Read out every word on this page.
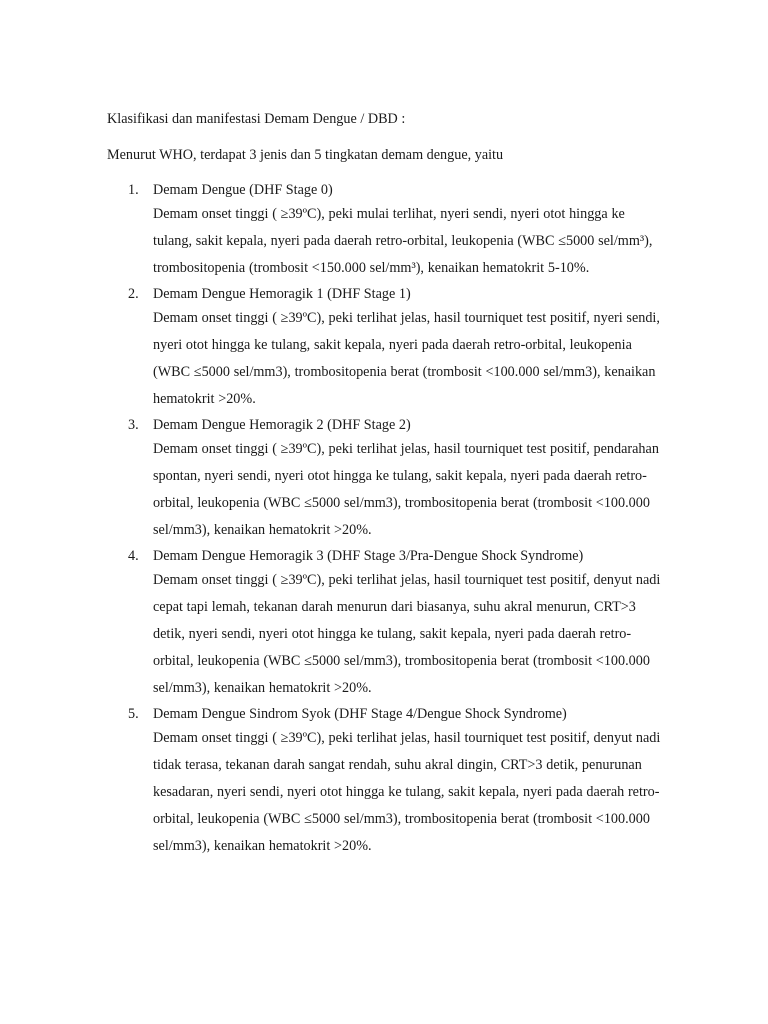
Klasifikasi dan manifestasi Demam Dengue / DBD :
Menurut WHO, terdapat 3 jenis dan 5 tingkatan demam dengue, yaitu
1. Demam Dengue (DHF Stage 0)
Demam onset tinggi ( ≥39ºC), peki mulai terlihat, nyeri sendi, nyeri otot hingga ke tulang, sakit kepala, nyeri pada daerah retro-orbital, leukopenia (WBC ≤5000 sel/mm³), trombositopenia (trombosit <150.000 sel/mm³), kenaikan hematokrit 5-10%.
2. Demam Dengue Hemoragik 1 (DHF Stage 1)
Demam onset tinggi ( ≥39ºC), peki terlihat jelas, hasil tourniquet test positif, nyeri sendi, nyeri otot hingga ke tulang, sakit kepala, nyeri pada daerah retro-orbital, leukopenia (WBC ≤5000 sel/mm3), trombositopenia berat (trombosit <100.000 sel/mm3), kenaikan hematokrit >20%.
3. Demam Dengue Hemoragik 2 (DHF Stage 2)
Demam onset tinggi ( ≥39ºC), peki terlihat jelas, hasil tourniquet test positif, pendarahan spontan, nyeri sendi, nyeri otot hingga ke tulang, sakit kepala, nyeri pada daerah retro-orbital, leukopenia (WBC ≤5000 sel/mm3), trombositopenia berat (trombosit <100.000 sel/mm3), kenaikan hematokrit >20%.
4. Demam Dengue Hemoragik 3 (DHF Stage 3/Pra-Dengue Shock Syndrome)
Demam onset tinggi ( ≥39ºC), peki terlihat jelas, hasil tourniquet test positif, denyut nadi cepat tapi lemah, tekanan darah menurun dari biasanya, suhu akral menurun, CRT>3 detik, nyeri sendi, nyeri otot hingga ke tulang, sakit kepala, nyeri pada daerah retro-orbital, leukopenia (WBC ≤5000 sel/mm3), trombositopenia berat (trombosit <100.000 sel/mm3), kenaikan hematokrit >20%.
5. Demam Dengue Sindrom Syok (DHF Stage 4/Dengue Shock Syndrome)
Demam onset tinggi ( ≥39ºC), peki terlihat jelas, hasil tourniquet test positif, denyut nadi tidak terasa, tekanan darah sangat rendah, suhu akral dingin, CRT>3 detik, penurunan kesadaran, nyeri sendi, nyeri otot hingga ke tulang, sakit kepala, nyeri pada daerah retro-orbital, leukopenia (WBC ≤5000 sel/mm3), trombositopenia berat (trombosit <100.000 sel/mm3), kenaikan hematokrit >20%.
